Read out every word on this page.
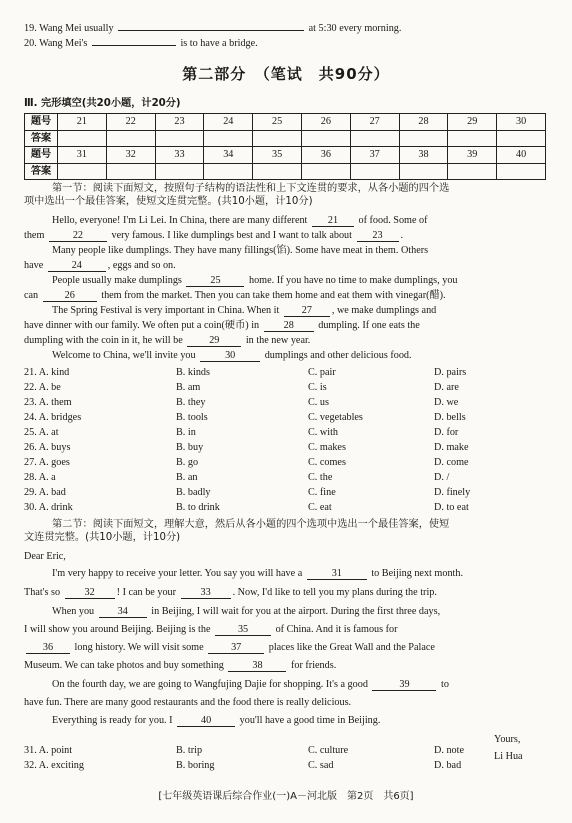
19. Wang Mei usually	at 5:30 every morning.
20. Wang Mei's	is to have a bridge.
第二部分　（笔试　共90分）
Ⅲ. 完形填空(共20小题，计20分)
题号	21	22	23	24	25	26	27	28	29	30
答案										
题号	31	32	33	34	35	36	37	38	39	40
答案										
第一节：阅读下面短文，按照句子结构的语法性和上下文连贯的要求，从各小题的四个选
项中选出一个最佳答案，使短文连贯完整。(共10小题，计10分)
Hello, everyone! I'm Li Lei. In China, there are many different 21 of food. Some of
them	22	very famous. I like dumplings best and I want to talk about 23 .
Many people like dumplings. They have many fillings(馅). Some have meat in them. Others
have	24	, eggs and so on.
People usually make dumplings	25	home. If you have no time to make dumplings, you
can	26	them from the market. Then you can take them home and eat them with vinegar(醋).
The Spring Festival is very important in China. When it 27 , we make dumplings and
have dinner with our family. We often put a coin(硬币) in 28 dumpling. If one eats the
dumpling with the coin in it, he will be	29	in the new year.
Welcome to China, we'll invite you	30	dumplings and other delicious food.
21. A. kind	B. kinds	C. pair	D. pairs
22. A. be	B. am	C. is	D. are
23. A. them	B. they	C. us	D. we
24. A. bridges	B. tools	C. vegetables	D. bells
25. A. at	B. in	C. with	D. for
26. A. buys	B. buy	C. makes	D. make
27. A. goes	B. go	C. comes	D. come
28. A. a	B. an	C. the	D. /
29. A. bad	B. badly	C. fine	D. finely
30. A. drink	B. to drink	C. eat	D. to eat
第二节：阅读下面短文，理解大意，然后从各小题的四个选项中选出一个最佳答案，使短
文连贯完整。(共10小题，计10分)
Dear Eric,
I'm very happy to receive your letter. You say you will have a	31	to Beijing next month.
That's so 32 ! I can be your 33 . Now, I'd like to tell you my plans during the trip.
When you 34 in Beijing, I will wait for you at the airport. During the first three days,
I will show you around Beijing. Beijing is the	35	of China. And it is famous for
36 long history. We will visit some	37	places like the Great Wall and the Palace
Museum. We can take photos and buy something	38	for friends.
On the fourth day, we are going to Wangfujing Dajie for shopping. It's a good	39	to
have fun. There are many good restaurants and the food there is really delicious.
Everything is ready for you. I	40	you'll have a good time in Beijing.
Yours,
Li Hua
31. A. point	B. trip	C. culture	D. note
32. A. exciting	B. boring	C. sad	D. bad
[七年级英语课后综合作业(一)A－河北版　第2页　共6页]
